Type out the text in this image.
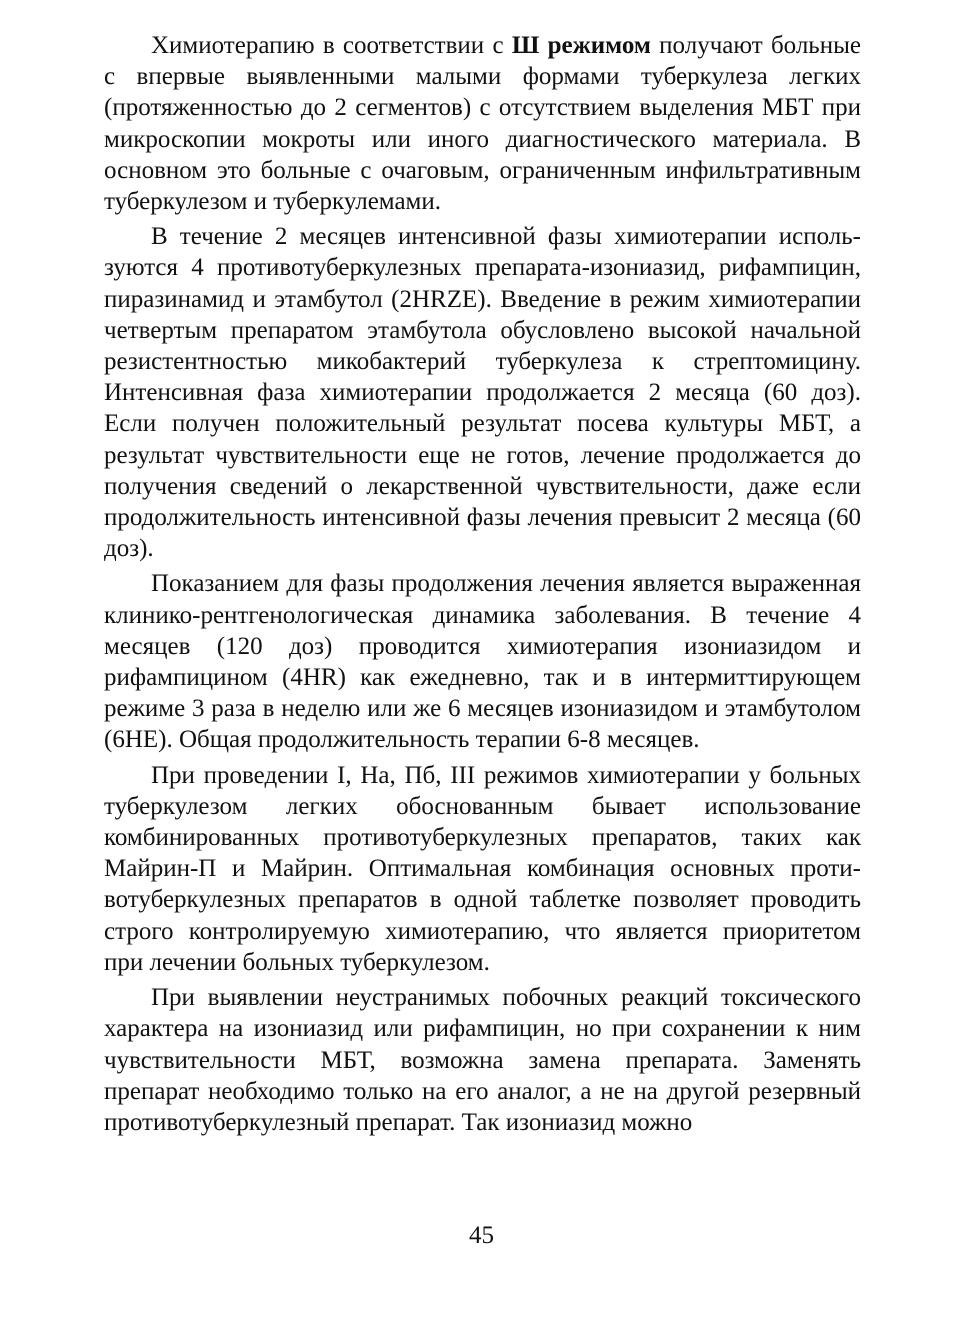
Химиотерапию в соответствии с Ш режимом получают больные с впервые выявленными малыми формами туберкулеза легких (протяженностью до 2 сегментов) с отсутствием выделения МБТ при микроскопии мокроты или иного диагностического материала. В основном это больные с очаговым, ограниченным инфильтративным туберкулезом и туберкулемами.

В течение 2 месяцев интенсивной фазы химиотерапии используются 4 противотуберкулезных препарата-изониазид, рифампицин, пиразинамид и этамбутол (2HRZE). Введение в режим химиотерапии четвертым препаратом этамбутола обусловлено высокой начальной резистентностью микобактерий туберкулеза к стрептомицину. Интенсивная фаза химиотерапии продолжается 2 месяца (60 доз). Если получен положительный результат посева культуры МБТ, а результат чувствительности еще не готов, лечение продолжается до получения сведений о лекарственной чувствительности, даже если продолжительность интенсивной фазы лечения превысит 2 месяца (60 доз).

Показанием для фазы продолжения лечения является выраженная клинико-рентгенологическая динамика заболевания. В течение 4 месяцев (120 доз) проводится химиотерапия изониазидом и рифампицином (4HR) как ежедневно, так и в интермиттирующем режиме 3 раза в неделю или же 6 месяцев изониазидом и этамбутолом (6HE). Общая продолжительность терапии 6-8 месяцев.

При проведении I, Ha, Пб, III режимов химиотерапии у больных туберкулезом легких обоснованным бывает использование комбинированных противотуберкулезных препаратов, таких как Майрин-П и Майрин. Оптимальная комбинация основных противотуберкулезных препаратов в одной таблетке позволяет проводить строго контролируемую химиотерапию, что является приоритетом при лечении больных туберкулезом.

При выявлении неустранимых побочных реакций токсического характера на изониазид или рифампицин, но при сохранении к ним чувствительности МБТ, возможна замена препарата. Заменять препарат необходимо только на его аналог, а не на другой резервный противотуберкулезный препарат. Так изониазид можно

45
